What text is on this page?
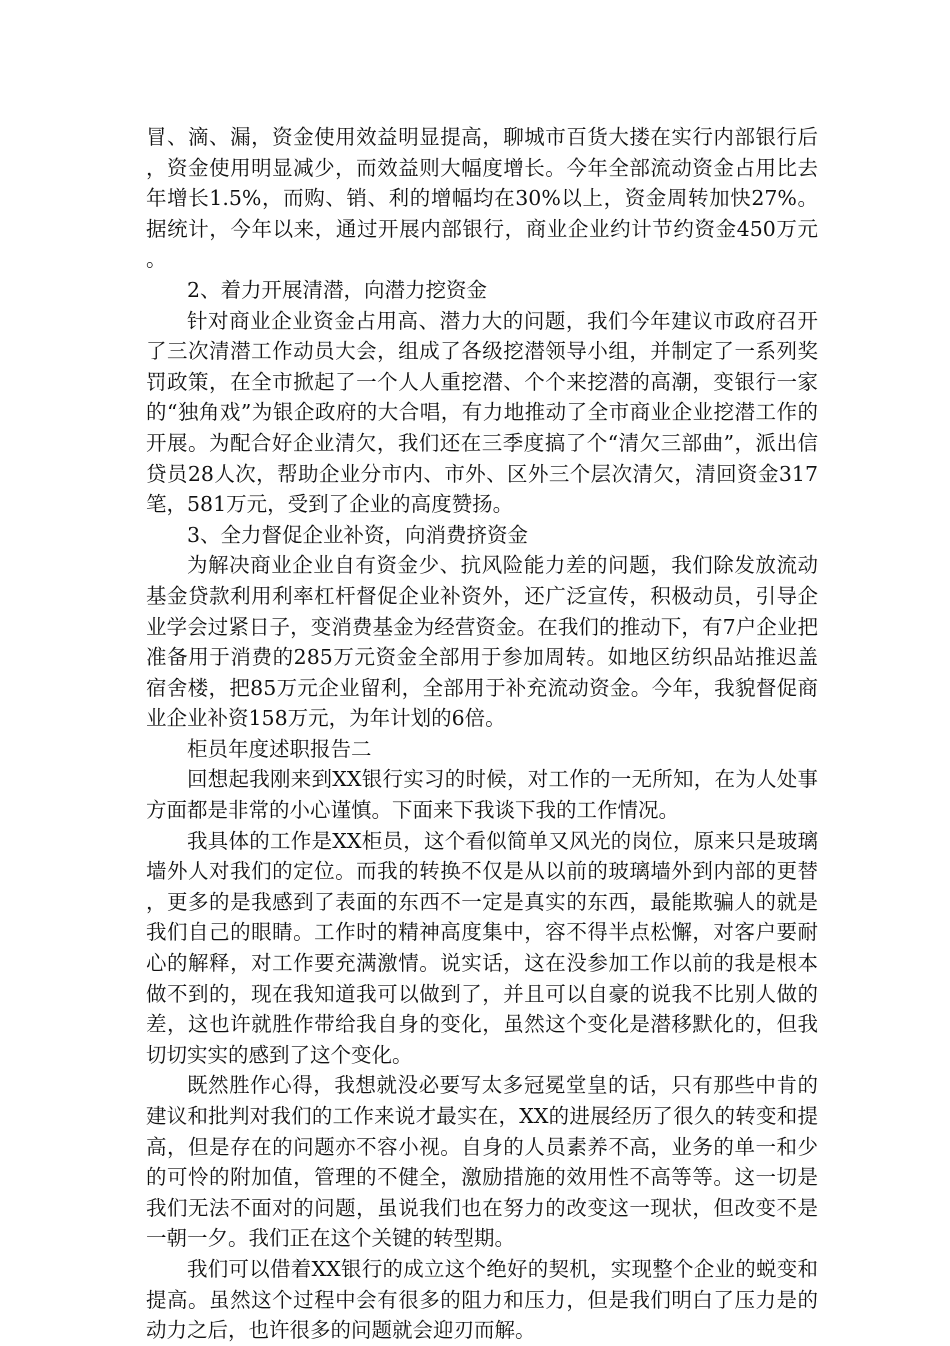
冒、滴、漏，资金使用效益明显提高，聊城市百货大搂在实行内部银行后，资金使用明显减少，而效益则大幅度增长。今年全部流动资金占用比去年增长1.5%，而购、销、利的增幅均在30%以上，资金周转加快27%。据统计，今年以来，通过开展内部银行，商业企业约计节约资金450万元。

2、着力开展清潜，向潜力挖资金

针对商业企业资金占用高、潜力大的问题，我们今年建议市政府召开了三次清潜工作动员大会，组成了各级挖潜领导小组，并制定了一系列奖罚政策，在全市掀起了一个人人重挖潜、个个来挖潜的高潮，变银行一家的“独角戏”为银企政府的大合唱，有力地推动了全市商业企业挖潜工作的开展。为配合好企业清欠，我们还在三季度搞了个“清欠三部曲”，派出信贷员28人次，帮助企业分市内、市外、区外三个层次清欠，清回资金317笔，581万元，受到了企业的高度赞扬。

3、全力督促企业补资，向消费挤资金

为解决商业企业自有资金少、抗风险能力差的问题，我们除发放流动基金贷款利用利率杠杆督促企业补资外，还广泛宣传，积极动员，引导企业学会过紧日子，变消费基金为经营资金。在我们的推动下，有7户企业把准备用于消费的285万元资金全部用于参加周转。如地区纺织品站推迟盖宿舍楼，把85万元企业留利，全部用于补充流动资金。今年，我貌督促商业企业补资158万元，为年计划的6倍。

柜员年度述职报告二

回想起我刚来到XX银行实习的时候，对工作的一无所知，在为人处事方面都是非常的小心谨慎。下面来下我谈下我的工作情况。

我具体的工作是XX柜员，这个看似简单又风光的岗位，原来只是玻璃墙外人对我们的定位。而我的转换不仅是从以前的玻璃墙外到内部的更替，更多的是我感到了表面的东西不一定是真实的东西，最能欺骗人的就是我们自己的眼睛。工作时的精神高度集中，容不得半点松懈，对客户要耐心的解释，对工作要充满激情。说实话，这在没参加工作以前的我是根本做不到的，现在我知道我可以做到了，并且可以自豪的说我不比别人做的差，这也许就胜作带给我自身的变化，虽然这个变化是潜移默化的，但我切切实实的感到了这个变化。

既然胜作心得，我想就没必要写太多冠冕堂皇的话，只有那些中肯的建议和批判对我们的工作来说才最实在，XX的进展经历了很久的转变和提高，但是存在的问题亦不容小视。自身的人员素养不高，业务的单一和少的可怜的附加值，管理的不健全，激励措施的效用性不高等等。这一切是我们无法不面对的问题，虽说我们也在努力的改变这一现状，但改变不是一朝一夕。我们正在这个关键的转型期。

我们可以借着XX银行的成立这个绝好的契机，实现整个企业的蜕变和提高。虽然这个过程中会有很多的阻力和压力，但是我们明白了压力是的动力之后，也许很多的问题就会迎刃而解。
